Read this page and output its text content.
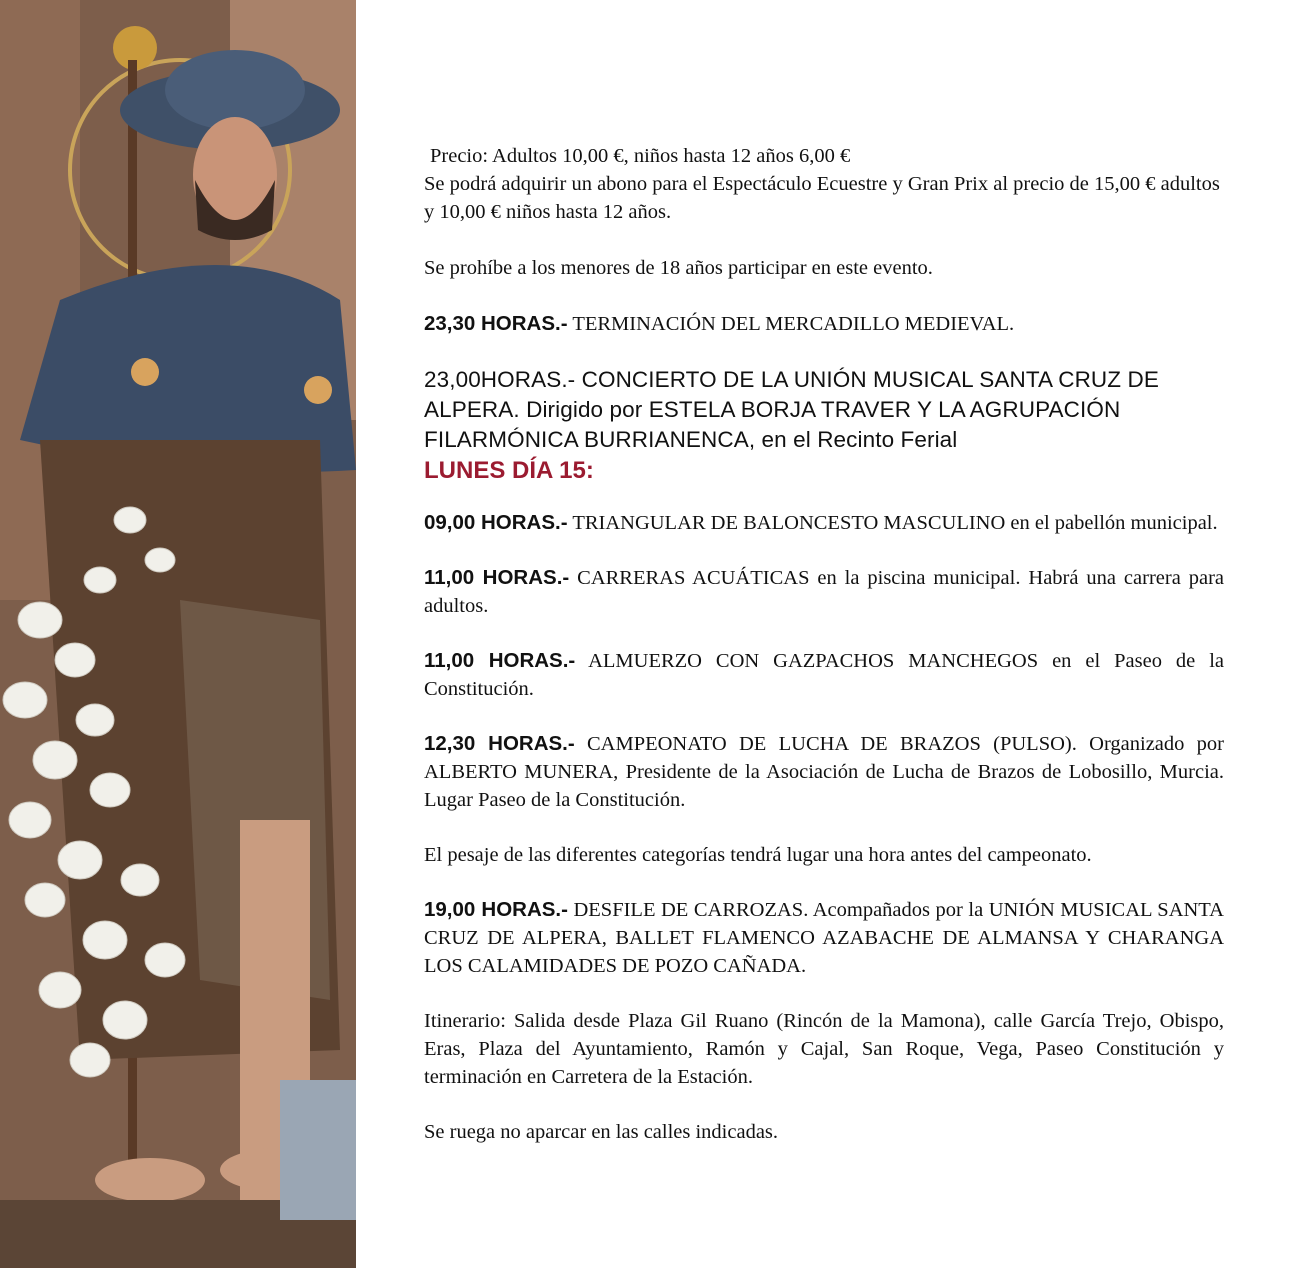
Precio: Adultos 10,00 €, niños hasta 12 años 6,00 €

Se podrá adquirir un abono para el Espectáculo Ecuestre y Gran Prix al precio de 15,00 € adultos y 10,00 € niños hasta 12 años.

Se prohíbe a los menores de 18 años participar en este evento.

23,30 HORAS.- TERMINACIÓN DEL MERCADILLO MEDIEVAL.

23,00HORAS.- CONCIERTO DE LA UNIÓN MUSICAL SANTA CRUZ DE ALPERA. Dirigido por ESTELA BORJA TRAVER Y LA AGRUPACIÓN FILARMÓNICA BURRIANENCA, en el Recinto Ferial

LUNES DÍA 15:

09,00 HORAS.- TRIANGULAR DE BALONCESTO MASCULINO en el pabellón municipal.

11,00 HORAS.- CARRERAS ACUÁTICAS en la piscina municipal. Habrá una carrera para adultos.

11,00 HORAS.- ALMUERZO CON GAZPACHOS MANCHEGOS en el Paseo de la Constitución.

12,30 HORAS.- CAMPEONATO DE LUCHA DE BRAZOS (PULSO). Organizado por ALBERTO MUNERA, Presidente de la Asociación de Lucha de Brazos de Lobosillo, Murcia. Lugar Paseo de la Constitución.

El pesaje de las diferentes categorías tendrá lugar una hora antes del campeonato.

19,00 HORAS.- DESFILE DE CARROZAS. Acompañados por la UNIÓN MUSICAL SANTA CRUZ DE ALPERA, BALLET FLAMENCO AZABACHE DE ALMANSA Y CHARANGA LOS CALAMIDADES DE POZO CAÑADA.

Itinerario: Salida desde Plaza Gil Ruano (Rincón de la Mamona), calle García Trejo, Obispo, Eras, Plaza del Ayuntamiento, Ramón y Cajal, San Roque, Vega, Paseo Constitución y terminación en Carretera de la Estación.

Se ruega no aparcar en las calles indicadas.
